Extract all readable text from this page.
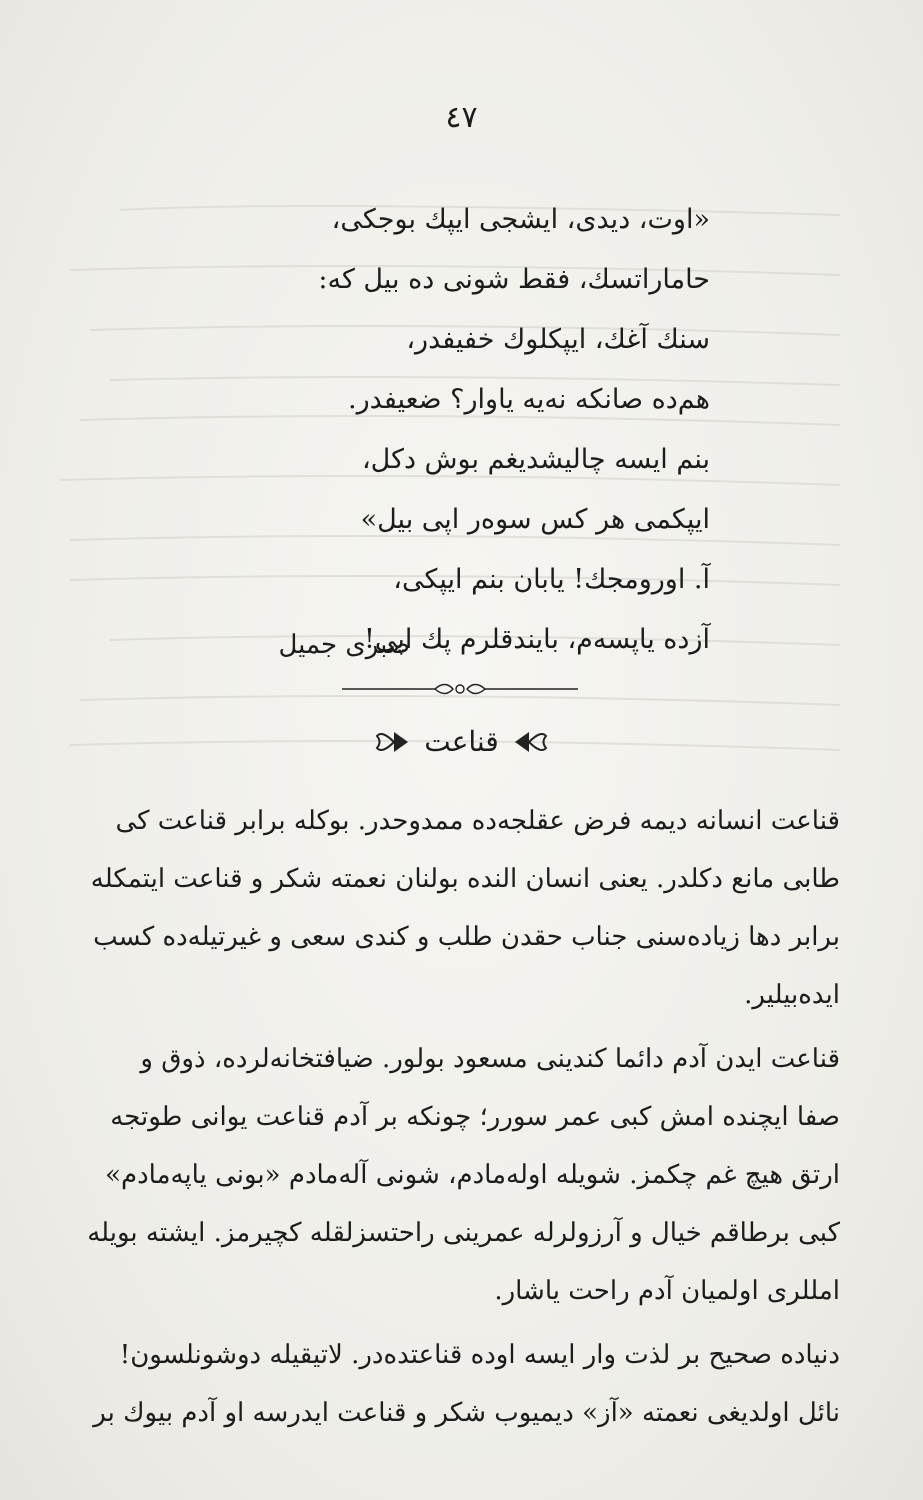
٤٧
«اوت، دیدی، ایشجی ایپك بوجكی،
حاماراتسك، فقط شونی ده بیل كه:
سنك آغك، ایپكلوك خفیفدر،
هم‌ده صانكه نه‌یه یاوار؟ ضعیفدر.
بنم ایسه چالیشدیغم بوش دكل،
ایپكمی هر كس سوه‌ر اپی بیل»
آ. اورومجك! یابان بنم ایپكی،
آزده یاپسه‌م، بایندقلرم پك اپی!
صبری جمیل
قناعت
قناعت انسانه دیمه فرض عقلجه‌ده ممدوحدر. بوکله برابر قناعت کی
طابی مانع دکلدر. یعنی انسان الندە بولنان نعمته شکر و قناعت ایتمکله
برابر دها زیاده‌سنی جناب حقدن طلب و کندی سعی و غیرتیله‌ده کسب
ایده‌بیلیر.
قناعت ایدن آدم دائما کندینی مسعود بولور. ضیافتخانه‌لرده، ذوق و
صفا ایچنده امش کبی عمر سورر؛ چونکه بر آدم قناعت یوانی طوتجه
ارتق هیچ غم چکمز. شویله اوله‌مادم، شونی آله‌مادم «بونی یاپه‌مادم»
کبی برطاقم خیال و آرزولرله عمرینی راحتسزلقله کچیرمز. ایشته بویله
امللری اولمیان آدم راحت یاشار.
دنیاده صحیح بر لذت وار ایسه اوده قناعتده‌در. لاتیقیله دوشونلسون!
نائل اولدیغی نعمته «آز» دیمیوب شکر و قناعت ایدرسه او آدم بیوك بر
